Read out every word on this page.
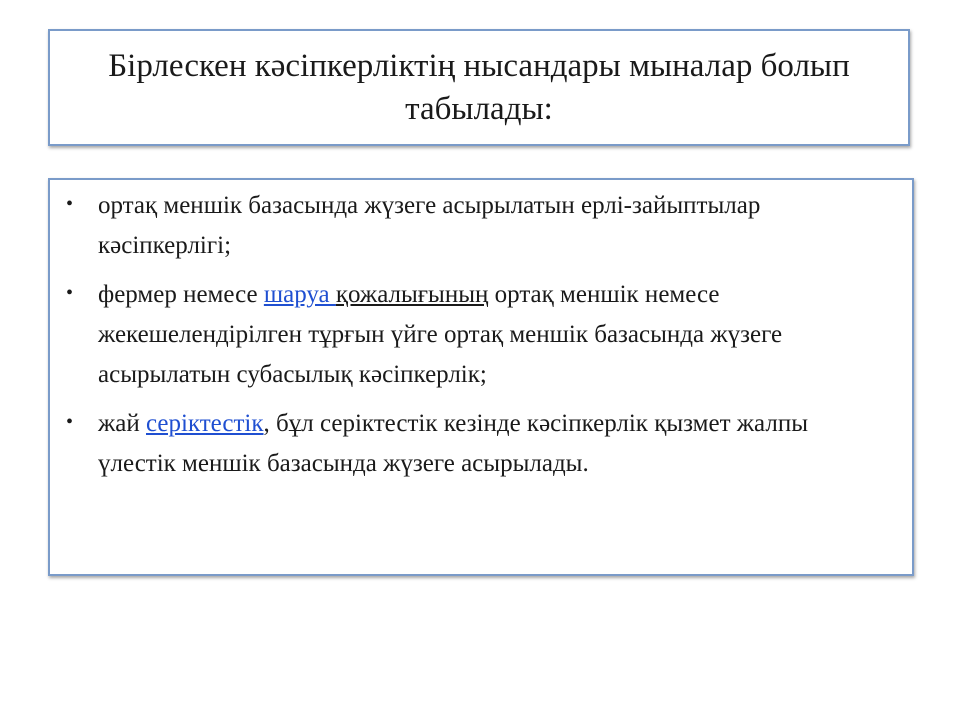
Бірлескен кәсіпкерліктің нысандары мыналар болып табылады:
• ортақ меншік базасында жүзеге асырылатын ерлі-зайыптылар кәсіпкерлігі;
• фермер немесе шаруа қожалығының ортақ меншік немесе жекешелендірілген тұрғын үйге ортақ меншік базасында жүзеге асырылатын субасылық кәсіпкерлік;
• жай серіктестік, бұл серіктестік кезінде кәсіпкерлік қызмет жалпы үлестік меншік базасында жүзеге асырылады.
